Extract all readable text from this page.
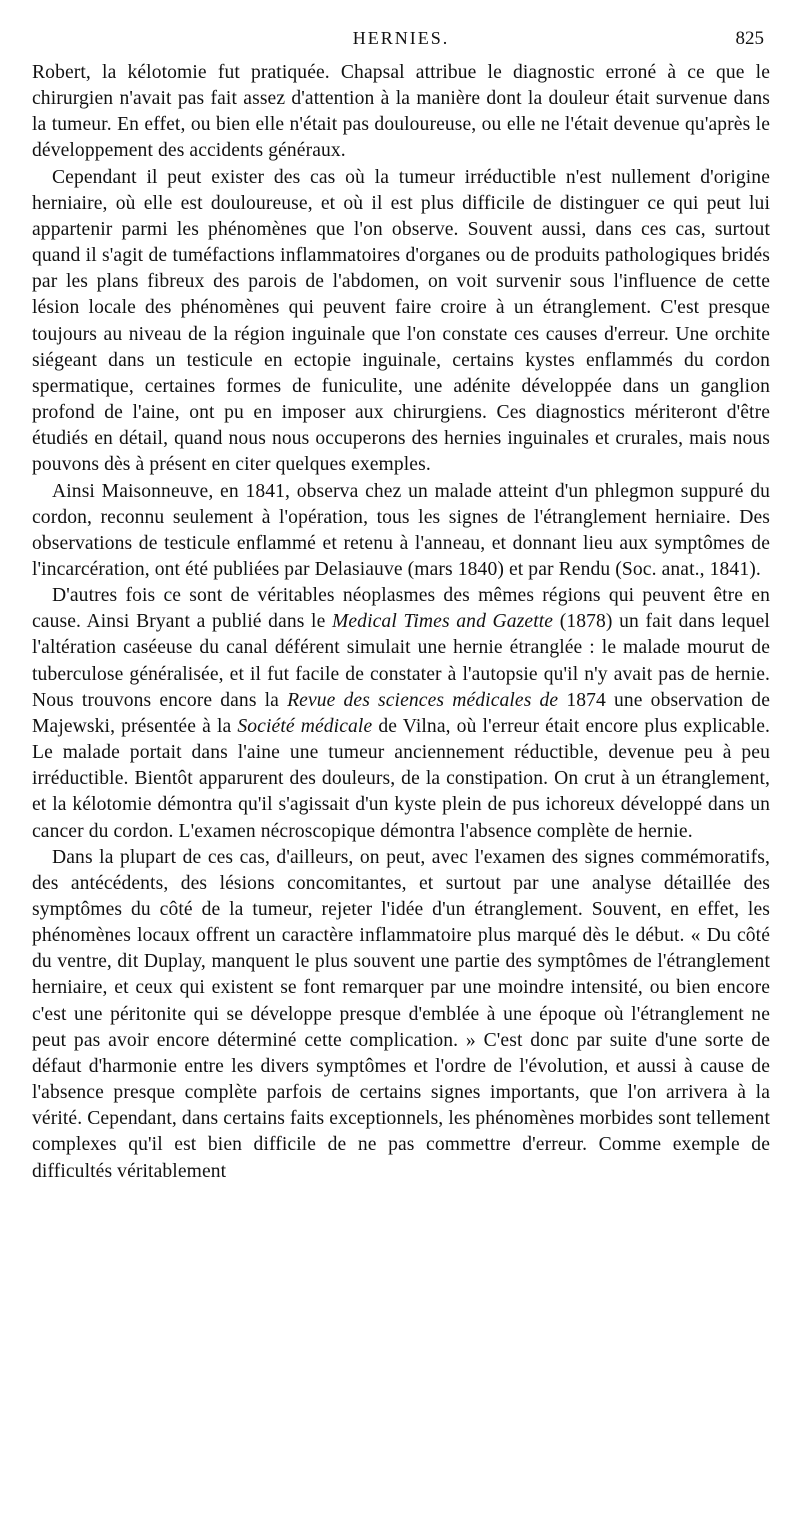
HERNIES.	825

Robert, la kélotomie fut pratiquée. Chapsal attribue le diagnostic erroné à ce que le chirurgien n'avait pas fait assez d'attention à la manière dont la douleur était survenue dans la tumeur. En effet, ou bien elle n'était pas douloureuse, ou elle ne l'était devenue qu'après le développement des accidents généraux.

Cependant il peut exister des cas où la tumeur irréductible n'est nullement d'origine herniaire, où elle est douloureuse, et où il est plus difficile de distinguer ce qui peut lui appartenir parmi les phénomènes que l'on observe. Souvent aussi, dans ces cas, surtout quand il s'agit de tuméfactions inflammatoires d'organes ou de produits pathologiques bridés par les plans fibreux des parois de l'abdomen, on voit survenir sous l'influence de cette lésion locale des phénomènes qui peuvent faire croire à un étranglement. C'est presque toujours au niveau de la région inguinale que l'on constate ces causes d'erreur. Une orchite siégeant dans un testicule en ectopie inguinale, certains kystes enflammés du cordon spermatique, certaines formes de funiculite, une adénite développée dans un ganglion profond de l'aine, ont pu en imposer aux chirurgiens. Ces diagnostics mériteront d'être étudiés en détail, quand nous nous occuperons des hernies inguinales et crurales, mais nous pouvons dès à présent en citer quelques exemples.

Ainsi Maisonneuve, en 1841, observa chez un malade atteint d'un phlegmon suppuré du cordon, reconnu seulement à l'opération, tous les signes de l'étranglement herniaire. Des observations de testicule enflammé et retenu à l'anneau, et donnant lieu aux symptômes de l'incarcération, ont été publiées par Delasiauve (mars 1840) et par Rendu (Soc. anat., 1841).

D'autres fois ce sont de véritables néoplasmes des mêmes régions qui peuvent être en cause. Ainsi Bryant a publié dans le Medical Times and Gazette (1878) un fait dans lequel l'altération caséeuse du canal déférent simulait une hernie étranglée : le malade mourut de tuberculose généralisée, et il fut facile de constater à l'autopsie qu'il n'y avait pas de hernie. Nous trouvons encore dans la Revue des sciences médicales de 1874 une observation de Majewski, présentée à la Société médicale de Vilna, où l'erreur était encore plus explicable. Le malade portait dans l'aine une tumeur anciennement réductible, devenue peu à peu irréductible. Bientôt apparurent des douleurs, de la constipation. On crut à un étranglement, et la kélotomie démontra qu'il s'agissait d'un kyste plein de pus ichoreux développé dans un cancer du cordon. L'examen nécroscopique démontra l'absence complète de hernie.

Dans la plupart de ces cas, d'ailleurs, on peut, avec l'examen des signes commémoratifs, des antécédents, des lésions concomitantes, et surtout par une analyse détaillée des symptômes du côté de la tumeur, rejeter l'idée d'un étranglement. Souvent, en effet, les phénomènes locaux offrent un caractère inflammatoire plus marqué dès le début. « Du côté du ventre, dit Duplay, manquent le plus souvent une partie des symptômes de l'étranglement herniaire, et ceux qui existent se font remarquer par une moindre intensité, ou bien encore c'est une péritonite qui se développe presque d'emblée à une époque où l'étranglement ne peut pas avoir encore déterminé cette complication. » C'est donc par suite d'une sorte de défaut d'harmonie entre les divers symptômes et l'ordre de l'évolution, et aussi à cause de l'absence presque complète parfois de certains signes importants, que l'on arrivera à la vérité. Cependant, dans certains faits exceptionnels, les phénomènes morbides sont tellement complexes qu'il est bien difficile de ne pas commettre d'erreur. Comme exemple de difficultés véritablement
